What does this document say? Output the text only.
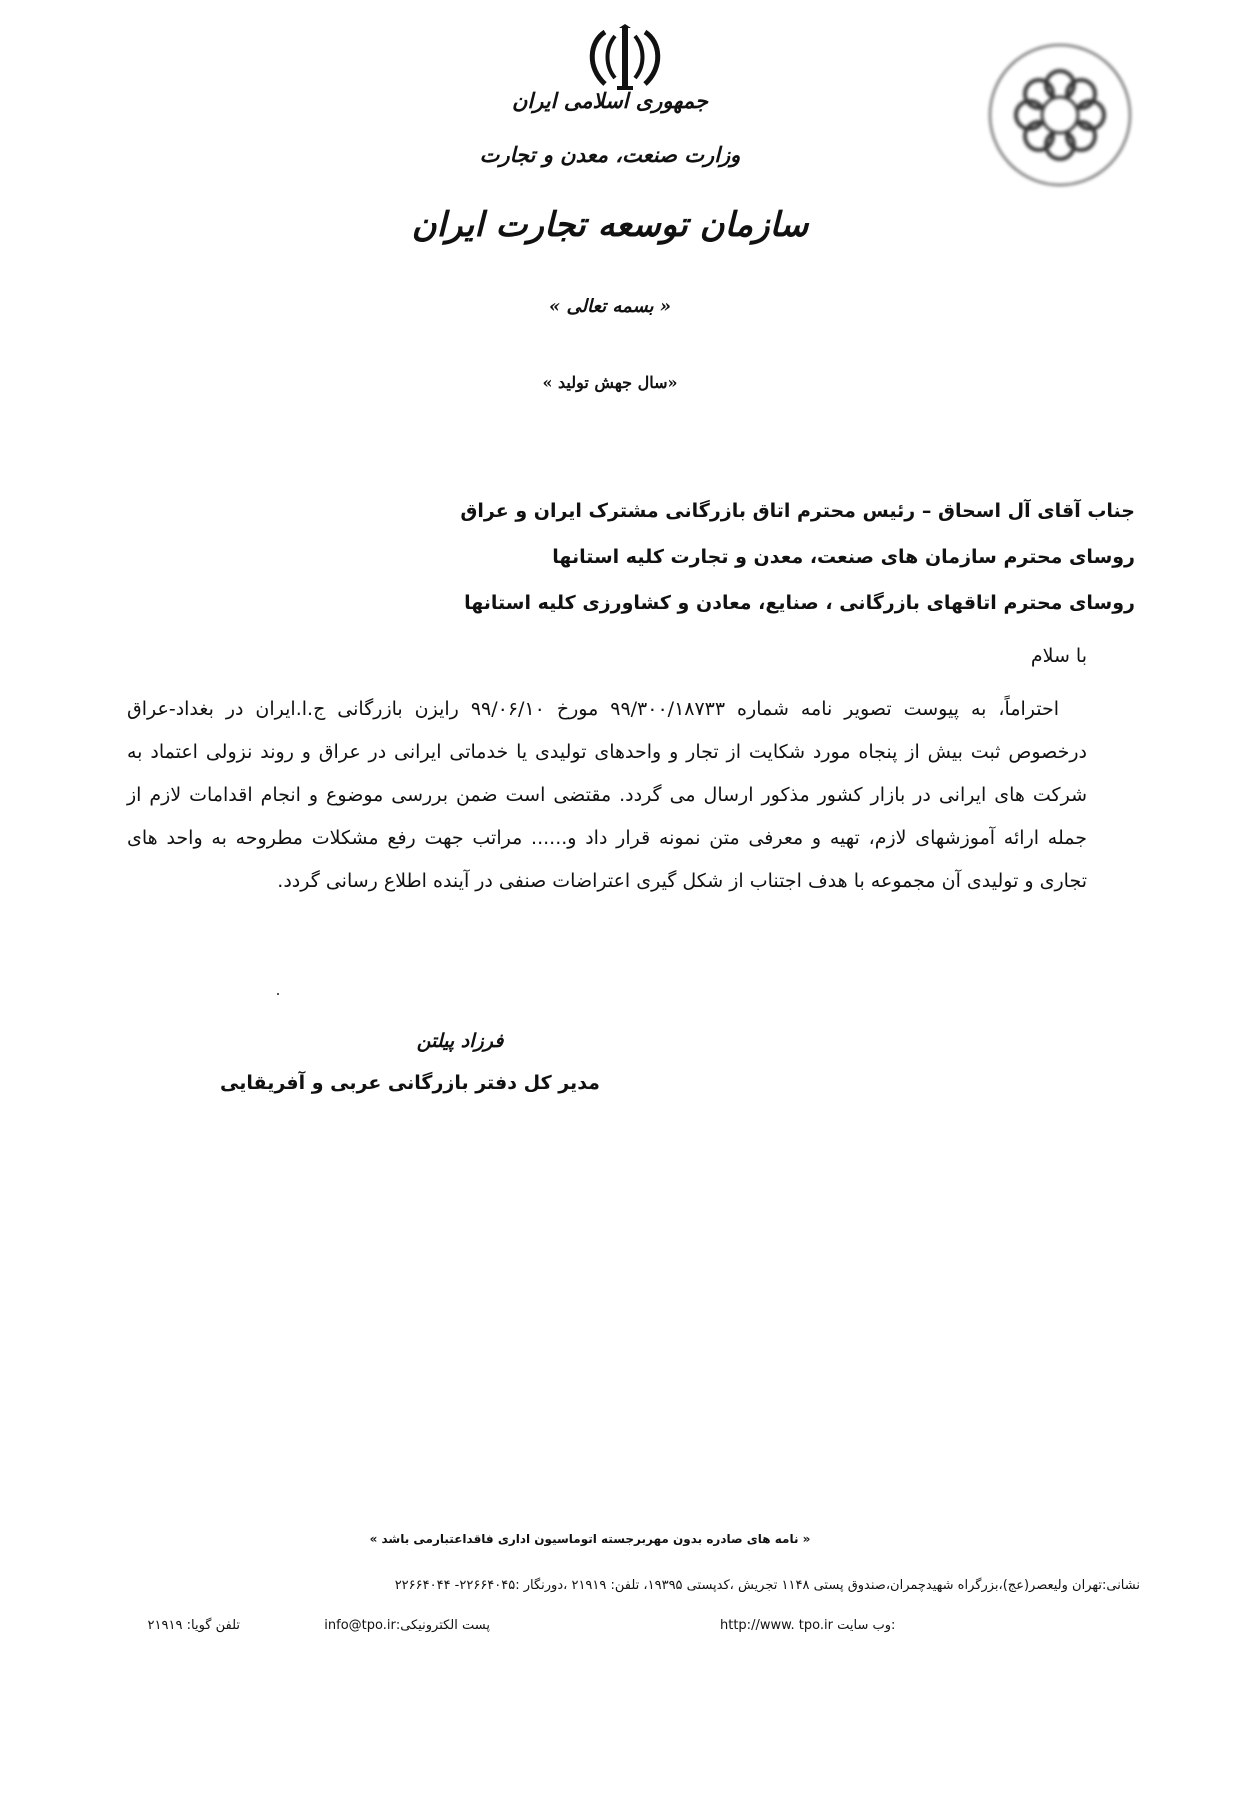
جمهوری اسلامی ایران
وزارت صنعت، معدن و تجارت
سازمان توسعه تجارت ایران
« بسمه تعالی »
«سال جهش تولید »
جناب آقای آل اسحاق – رئیس محترم اتاق بازرگانی مشترک ایران و عراق
روسای محترم سازمان های صنعت، معدن و تجارت کلیه استانها
روسای محترم اتاقهای بازرگانی ، صنایع، معادن و کشاورزی کلیه استانها
با سلام

احتراماً، به پیوست تصویر نامه شماره ۹۹/۳۰۰/۱۸۷۳۳ مورخ ۹۹/۰۶/۱۰ رایزن بازرگانی ج.ا.ایران در بغداد-عراق درخصوص ثبت بیش از پنجاه مورد شکایت از تجار و واحدهای تولیدی یا خدماتی ایرانی در عراق و روند نزولی اعتماد به شرکت های ایرانی در بازار کشور مذکور ارسال می گردد. مقتضی است ضمن بررسی موضوع و انجام اقدامات لازم از جمله ارائه آموزشهای لازم، تهیه و معرفی متن نمونه قرار داد و...... مراتب جهت رفع مشکلات مطروحه به واحد های تجاری و تولیدی آن مجموعه با هدف اجتناب از شکل گیری اعتراضات صنفی در آینده اطلاع رسانی گردد.

فرزاد پیلتن
مدیر کل دفتر بازرگانی عربی و آفریقایی
« نامه های صادره بدون مهربرجسته اتوماسیون اداری فاقداعتبارمی باشد »
نشانی:تهران ولیعصر(عج)،بزرگراه شهیدچمران،صندوق پستی ۱۱۴۸ تجریش ،کدپستی ۱۹۳۹۵، تلفن: ۲۱۹۱۹ ،دورنگار :۲۲۶۶۴۰۴۵- ۲۲۶۶۴۰۴۴
http://www. tpo.ir وب سایت:
پست الکترونیکی:info@tpo.ir
تلفن گویا: ۲۱۹۱۹
